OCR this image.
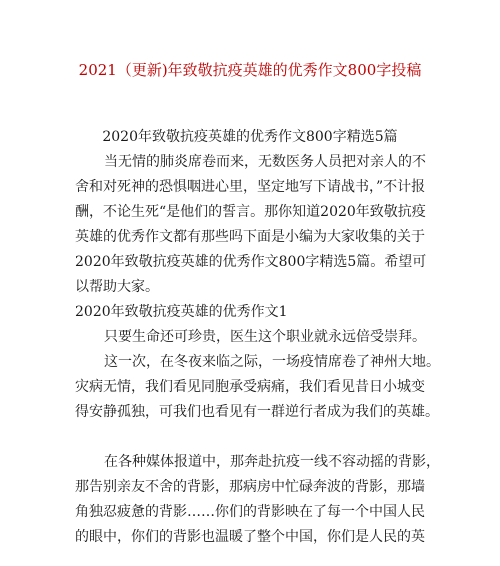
2021（更新)年致敬抗疫英雄的优秀作文800字投稿
2020年致敬抗疫英雄的优秀作文800字精选5篇
当无情的肺炎席卷而来，无数医务人员把对亲人的不
舍和对死神的恐惧咽进心里，坚定地写下请战书，”不计报
酬，不论生死“是他们的誓言。那你知道2020年致敬抗疫
英雄的优秀作文都有那些吗下面是小编为大家收集的关于
2020年致敬抗疫英雄的优秀作文800字精选5篇。希望可
以帮助大家。
2020年致敬抗疫英雄的优秀作文1
只要生命还可珍贵，医生这个职业就永远倍受崇拜。
这一次，在冬夜来临之际，一场疫情席卷了神州大地。
灾病无情，我们看见同胞承受病痛，我们看见昔日小城变
得安静孤独，可我们也看见有一群逆行者成为我们的英雄。
在各种媒体报道中，那奔赴抗疫一线不容动摇的背影，
那告别亲友不舍的背影，那病房中忙碌奔波的背影，那墙
角独忍疲惫的背影……你们的背影映在了每一个中国人民
的眼中，你们的背影也温暖了整个中国，你们是人民的英
